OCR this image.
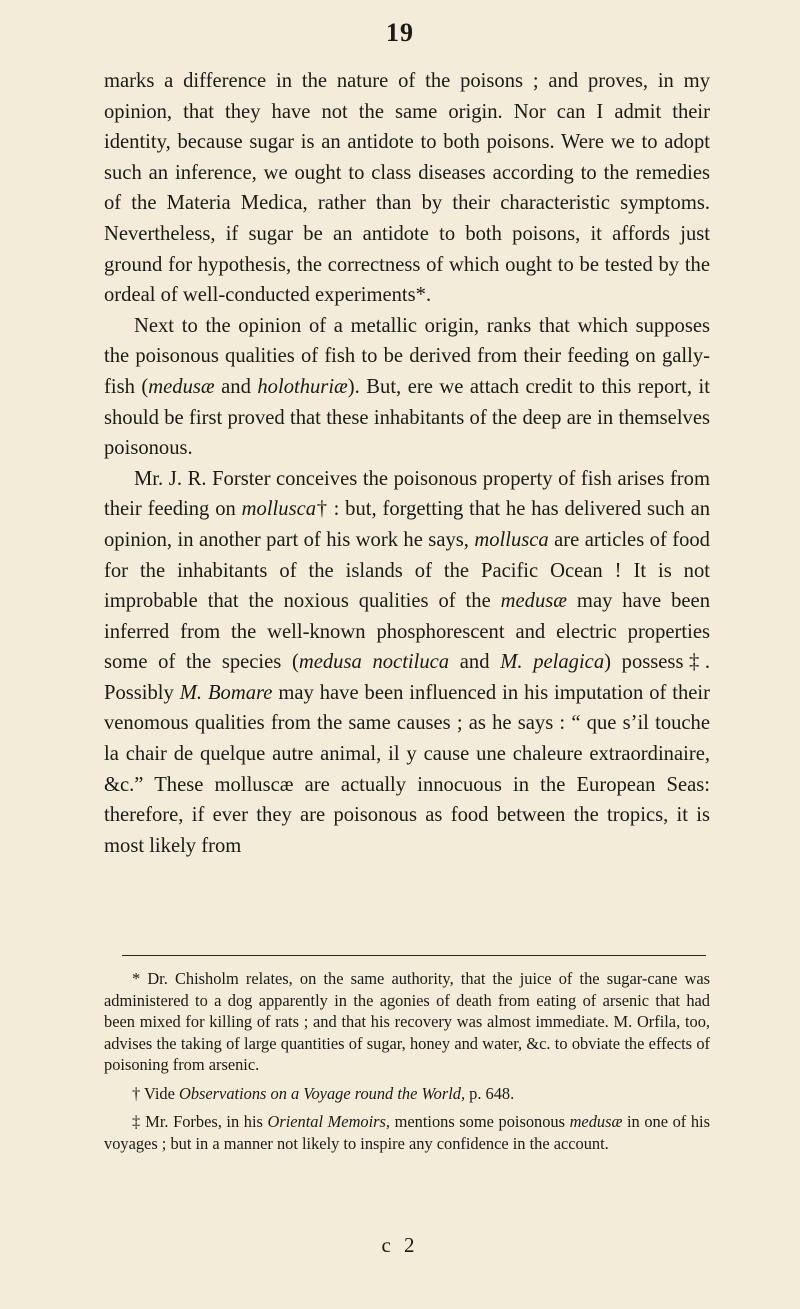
19

marks a difference in the nature of the poisons ; and proves, in my opinion, that they have not the same origin. Nor can I admit their identity, because sugar is an antidote to both poisons. Were we to adopt such an inference, we ought to class diseases according to the remedies of the Materia Medica, rather than by their characteristic symptoms. Nevertheless, if sugar be an antidote to both poisons, it affords just ground for hypothesis, the correctness of which ought to be tested by the ordeal of well-conducted experiments*.

Next to the opinion of a metallic origin, ranks that which supposes the poisonous qualities of fish to be derived from their feeding on gally-fish (medusæ and holothuriæ). But, ere we attach credit to this report, it should be first proved that these inhabitants of the deep are in themselves poisonous.

Mr. J. R. Forster conceives the poisonous property of fish arises from their feeding on mollusca† : but, forgetting that he has delivered such an opinion, in another part of his work he says, mollusca are articles of food for the inhabitants of the islands of the Pacific Ocean ! It is not improbable that the noxious qualities of the medusæ may have been inferred from the well-known phosphorescent and electric properties some of the species (medusa noctiluca and M. pelagica) possess‡. Possibly M. Bomare may have been influenced in his imputation of their venomous qualities from the same causes ; as he says : “ que s’il touche la chair de quelque autre animal, il y cause une chaleure extraordinaire, &c.” These molluscæ are actually innocuous in the European Seas: therefore, if ever they are poisonous as food between the tropics, it is most likely from

* Dr. Chisholm relates, on the same authority, that the juice of the sugar-cane was administered to a dog apparently in the agonies of death from eating of arsenic that had been mixed for killing of rats ; and that his recovery was almost immediate. M. Orfila, too, advises the taking of large quantities of sugar, honey and water, &c. to obviate the effects of poisoning from arsenic.

† Vide Observations on a Voyage round the World, p. 648.

‡ Mr. Forbes, in his Oriental Memoirs, mentions some poisonous medusæ in one of his voyages ; but in a manner not likely to inspire any confidence in the account.

c 2
